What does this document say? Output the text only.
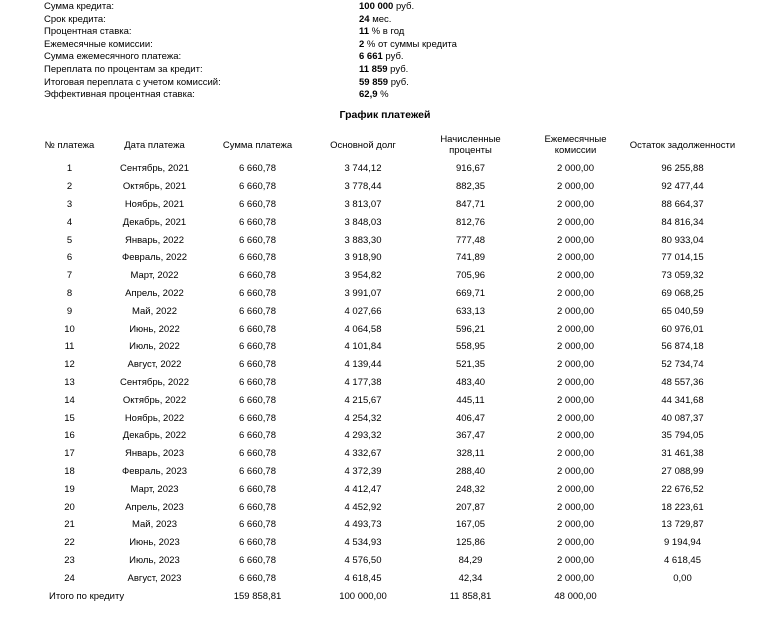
Сумма кредита:	100 000 руб.
Срок кредита:	24 мес.
Процентная ставка:	11 % в год
Ежемесячные комиссии:	2 % от суммы кредита
Сумма ежемесячного платежа:	6 661 руб.
Переплата по процентам за кредит:	11 859 руб.
Итоговая переплата с учетом комиссий:	59 859 руб.
Эффективная процентная ставка:	62,9 %
График платежей
№ платежа	Дата платежа	Сумма платежа	Основной долг	Начисленные проценты	Ежемесячные комиссии	Остаток задолженности
1	Сентябрь, 2021	6 660,78	3 744,12	916,67	2 000,00	96 255,88
2	Октябрь, 2021	6 660,78	3 778,44	882,35	2 000,00	92 477,44
3	Ноябрь, 2021	6 660,78	3 813,07	847,71	2 000,00	88 664,37
4	Декабрь, 2021	6 660,78	3 848,03	812,76	2 000,00	84 816,34
5	Январь, 2022	6 660,78	3 883,30	777,48	2 000,00	80 933,04
6	Февраль, 2022	6 660,78	3 918,90	741,89	2 000,00	77 014,15
7	Март, 2022	6 660,78	3 954,82	705,96	2 000,00	73 059,32
8	Апрель, 2022	6 660,78	3 991,07	669,71	2 000,00	69 068,25
9	Май, 2022	6 660,78	4 027,66	633,13	2 000,00	65 040,59
10	Июнь, 2022	6 660,78	4 064,58	596,21	2 000,00	60 976,01
11	Июль, 2022	6 660,78	4 101,84	558,95	2 000,00	56 874,18
12	Август, 2022	6 660,78	4 139,44	521,35	2 000,00	52 734,74
13	Сентябрь, 2022	6 660,78	4 177,38	483,40	2 000,00	48 557,36
14	Октябрь, 2022	6 660,78	4 215,67	445,11	2 000,00	44 341,68
15	Ноябрь, 2022	6 660,78	4 254,32	406,47	2 000,00	40 087,37
16	Декабрь, 2022	6 660,78	4 293,32	367,47	2 000,00	35 794,05
17	Январь, 2023	6 660,78	4 332,67	328,11	2 000,00	31 461,38
18	Февраль, 2023	6 660,78	4 372,39	288,40	2 000,00	27 088,99
19	Март, 2023	6 660,78	4 412,47	248,32	2 000,00	22 676,52
20	Апрель, 2023	6 660,78	4 452,92	207,87	2 000,00	18 223,61
21	Май, 2023	6 660,78	4 493,73	167,05	2 000,00	13 729,87
22	Июнь, 2023	6 660,78	4 534,93	125,86	2 000,00	9 194,94
23	Июль, 2023	6 660,78	4 576,50	84,29	2 000,00	4 618,45
24	Август, 2023	6 660,78	4 618,45	42,34	2 000,00	0,00
Итого по кредиту		159 858,81	100 000,00	11 858,81	48 000,00	
